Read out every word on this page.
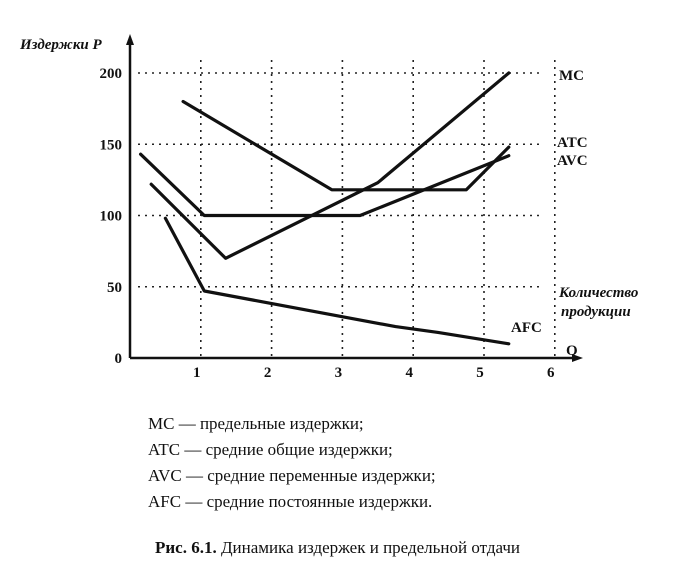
Издержки P
Q
Количество
продукции
0
50
100
150
200
1	2	3	4	5	6
MC
ATC
AVC
AFC
MC — предельные издержки;
ATC — средние общие издержки;
AVC — средние переменные издержки;
AFC — средние постоянные издержки.
Рис. 6.1. Динамика издержек и предельной отдачи
